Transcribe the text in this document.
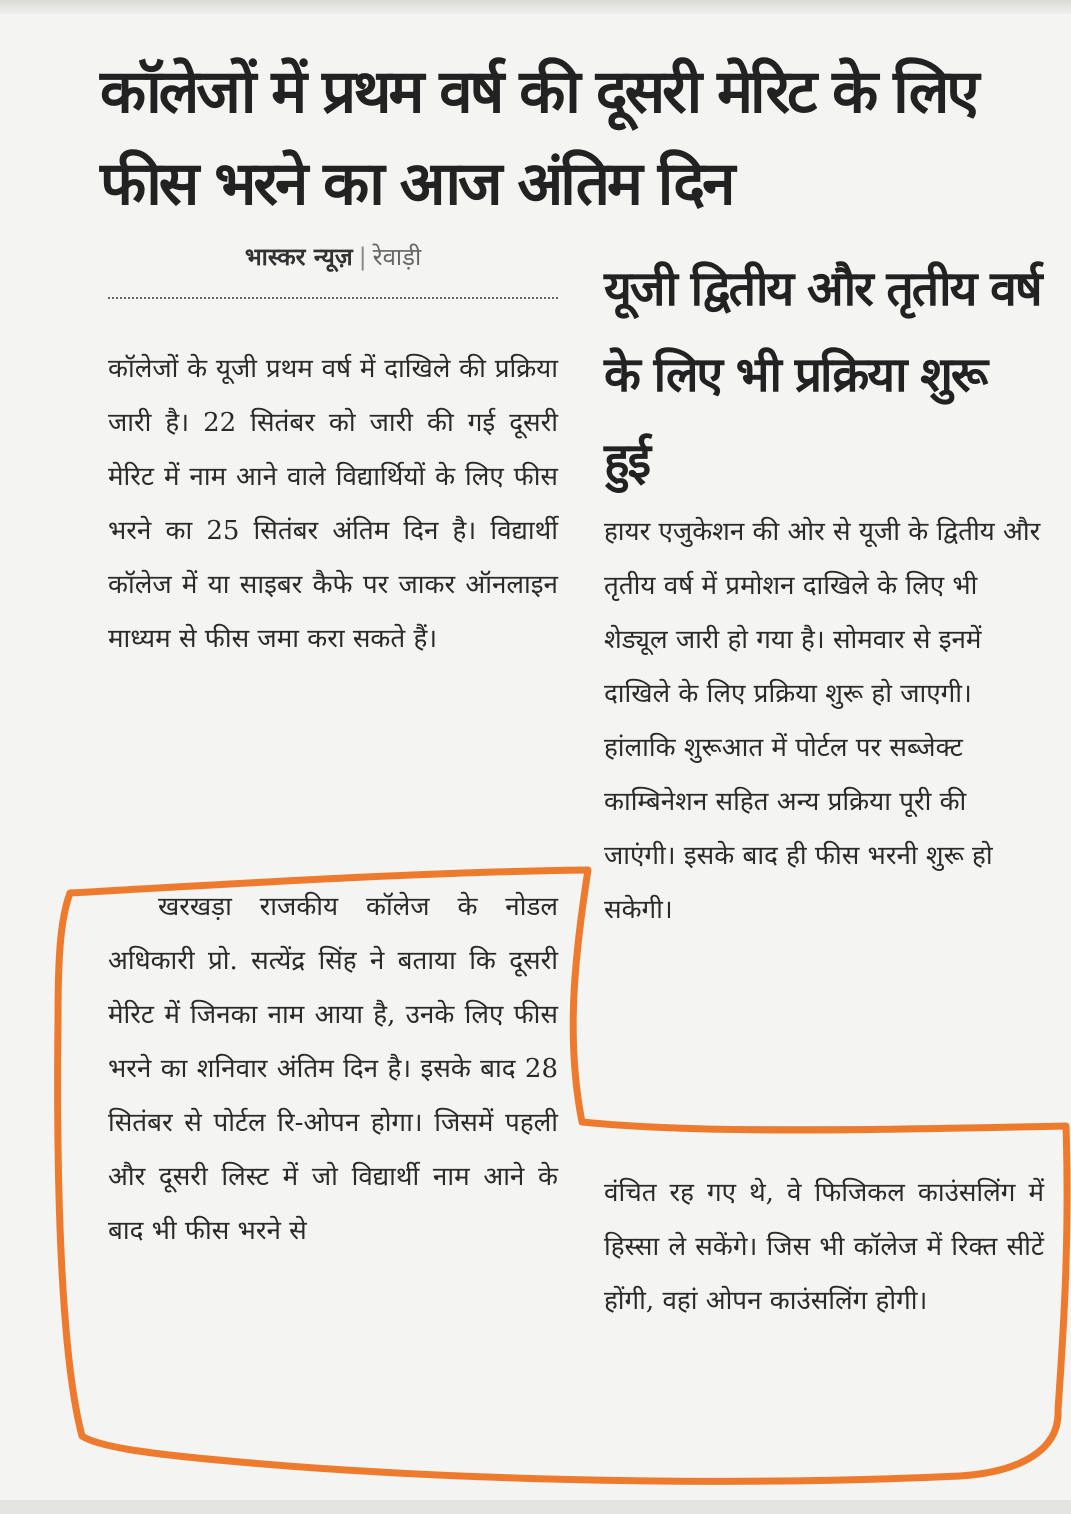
कॉलेजों में प्रथम वर्ष की दूसरी मेरिट के लिए फीस भरने का आज अंतिम दिन
भास्कर न्यूज़ | रेवाड़ी

कॉलेजों के यूजी प्रथम वर्ष में दाखिले की प्रक्रिया जारी है। 22 सितंबर को जारी की गई दूसरी मेरिट में नाम आने वाले विद्यार्थियों के लिए फीस भरने का 25 सितंबर अंतिम दिन है। विद्यार्थी कॉलेज में या साइबर कैफे पर जाकर ऑनलाइन माध्यम से फीस जमा करा सकते हैं।

खरखड़ा राजकीय कॉलेज के नोडल अधिकारी प्रो. सत्येंद्र सिंह ने बताया कि दूसरी मेरिट में जिनका नाम आया है, उनके लिए फीस भरने का शनिवार अंतिम दिन है। इसके बाद 28 सितंबर से पोर्टल रि-ओपन होगा। जिसमें पहली और दूसरी लिस्ट में जो विद्यार्थी नाम आने के बाद भी फीस भरने से

यूजी द्वितीय और तृतीय वर्ष के लिए भी प्रक्रिया शुरू हुई

हायर एजुकेशन की ओर से यूजी के द्वितीय और तृतीय वर्ष में प्रमोशन दाखिले के लिए भी शेड्यूल जारी हो गया है। सोमवार से इनमें दाखिले के लिए प्रक्रिया शुरू हो जाएगी। हांलाकि शुरूआत में पोर्टल पर सब्जेक्ट काम्बिनेशन सहित अन्य प्रक्रिया पूरी की जाएंगी। इसके बाद ही फीस भरनी शुरू हो सकेगी।

वंचित रह गए थे, वे फिजिकल काउंसलिंग में हिस्सा ले सकेंगे। जिस भी कॉलेज में रिक्त सीटें होंगी, वहां ओपन काउंसलिंग होगी।
